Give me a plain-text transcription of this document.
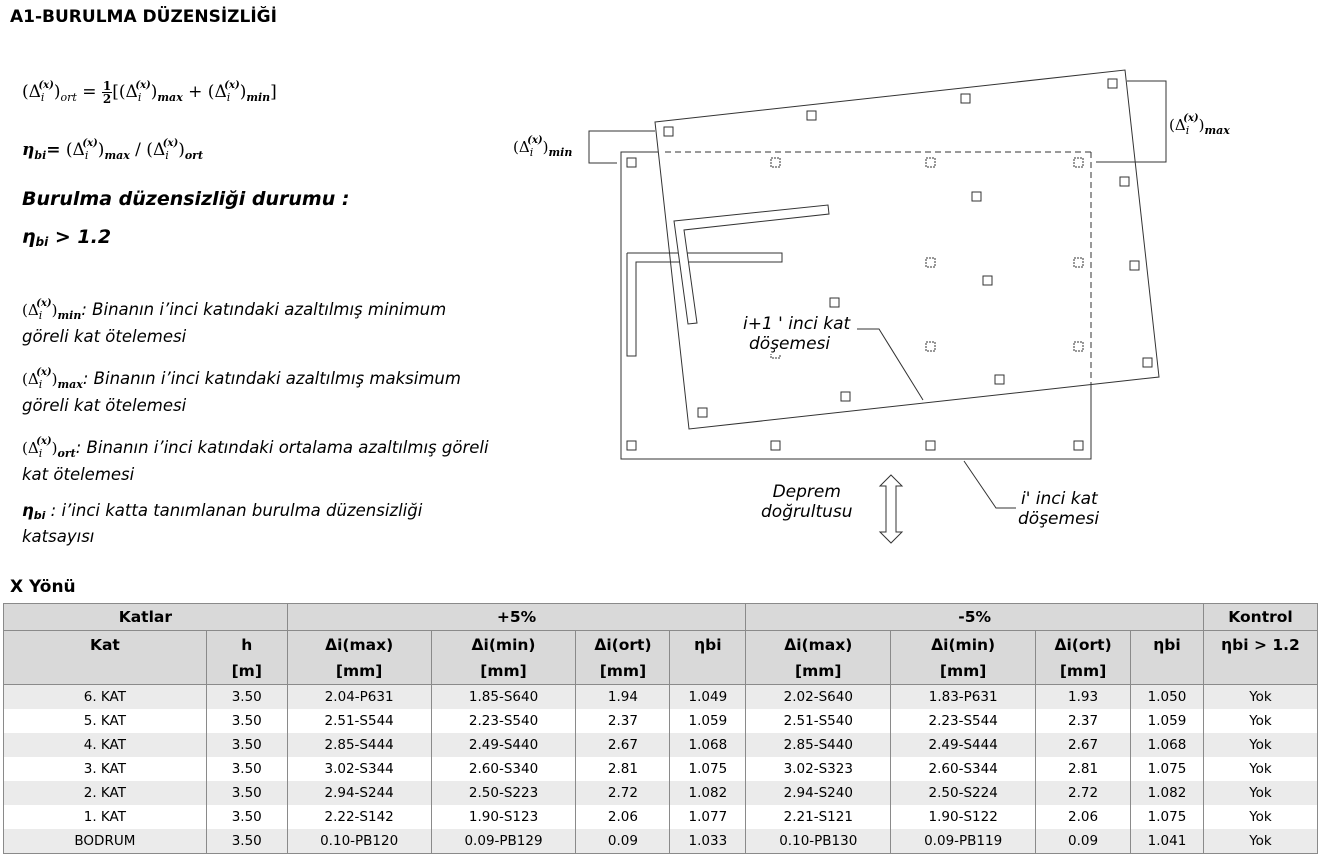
A1-BURULMA DÜZENSİZLİĞİ
$(\Delta_i^{(x)})_{ort} = \frac{1}{2} [(\Delta_i^{(x)})_{max} + (\Delta_i^{(x)})_{min}]$
$\eta_{bi}= (\Delta_i^{(x)})_{max} / (\Delta_i^{(x)})_{ort}$
Burulma düzensizliği durumu :
ηbi > 1.2
$(\Delta_i^{(x)})_{min}$: Binanın i’inci katındaki azaltılmış minimum göreli kat ötelemesi
$(\Delta_i^{(x)})_{max}$: Binanın i’inci katındaki azaltılmış maksimum göreli kat ötelemesi
$(\Delta_i^{(x)})_{ort}$: Binanın i’inci katındaki ortalama azaltılmış göreli kat ötelemesi
ηbi : i’inci katta tanımlanan burulma düzensizliği katsayısı
$(\Delta_i^{(x)})_{min}$
$(\Delta_i^{(x)})_{max}$
i+1 ' inci kat
döşemesi
i' inci kat
döşemesi
Deprem
doğrultusu
X Yönü
Katlar		+5%				-5%				Kontrol
Kat	h	Δi(max)	Δi(min)	Δi(ort)	ηbi	Δi(max)	Δi(min)	Δi(ort)	ηbi	ηbi > 1.2
	[m]	[mm]	[mm]	[mm]		[mm]	[mm]	[mm]		
6. KAT	3.50	2.04-P631	1.85-S640	1.94	1.049	2.02-S640	1.83-P631	1.93	1.050	Yok
5. KAT	3.50	2.51-S544	2.23-S540	2.37	1.059	2.51-S540	2.23-S544	2.37	1.059	Yok
4. KAT	3.50	2.85-S444	2.49-S440	2.67	1.068	2.85-S440	2.49-S444	2.67	1.068	Yok
3. KAT	3.50	3.02-S344	2.60-S340	2.81	1.075	3.02-S323	2.60-S344	2.81	1.075	Yok
2. KAT	3.50	2.94-S244	2.50-S223	2.72	1.082	2.94-S240	2.50-S224	2.72	1.082	Yok
1. KAT	3.50	2.22-S142	1.90-S123	2.06	1.077	2.21-S121	1.90-S122	2.06	1.075	Yok
BODRUM	3.50	0.10-PB120	0.09-PB129	0.09	1.033	0.10-PB130	0.09-PB119	0.09	1.041	Yok
